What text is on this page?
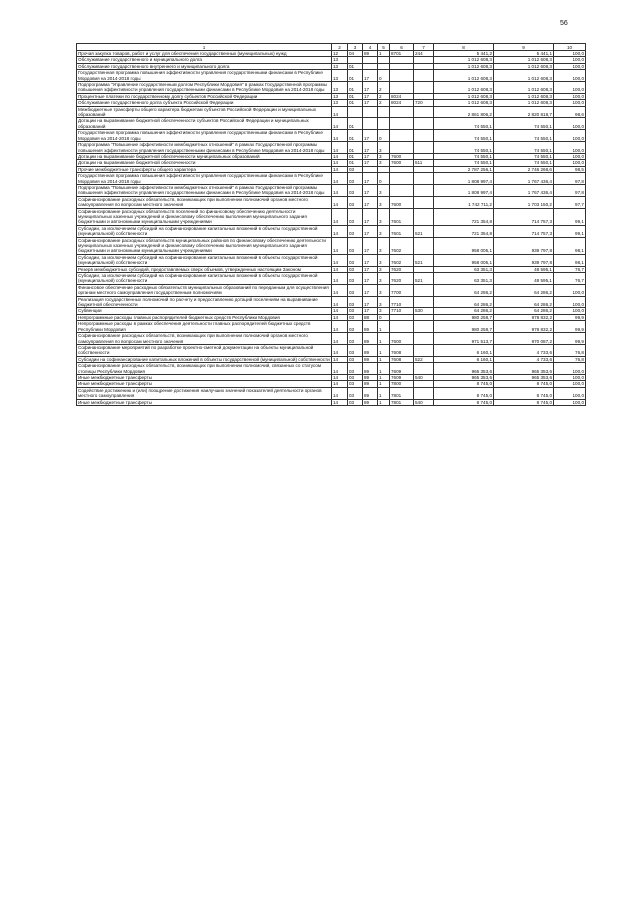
56
1	2	3	4	5	6	7	8	9	10
Прочая закупка товаров, работ и услуг для обеспечения государственных (муниципальных) нужд	12	04	89	1	8701	244	5 441,2	5 441,1	100,0
Обслуживание государственного и муниципального долга	13						1 012 608,3	1 012 608,3	100,0
Обслуживание государственного внутреннего и муниципального долга	13	01					1 012 608,3	1 012 608,3	100,0
Государственная программа повышения эффективности управления государственными финансами в Республике Мордовия на 2014-2018 годы	13	01	17	0			1 012 608,3	1 012 608,3	100,0
Подпрограмма "Управление государственным долгом Республики Мордовия" в рамках Государственной программы повышения эффективности управления государственными финансами в Республике Мордовия на 2014-2018 годы	13	01	17	2			1 012 608,3	1 012 608,3	100,0
Процентные платежи по государственному долгу субъектов Российской Федерации	13	01	17	2	8024		1 012 608,3	1 012 608,3	100,0
Обслуживание государственного долга субъекта Российской Федерации	13	01	17	2	8024	720	1 012 608,3	1 012 608,3	100,0
Межбюджетные трансферты общего характера бюджетам субъектов Российской Федерации и муниципальных образований	14						2 861 806,2	2 820 818,7	98,6
Дотации на выравнивание бюджетной обеспеченности субъектов Российской Федерации и муниципальных образований	14	01					74 550,1	74 550,1	100,0
Государственная программа повышения эффективности управления государственными финансами в Республике Мордовия на 2014-2018 годы	14	01	17	0			74 550,1	74 550,1	100,0
Подпрограмма "Повышение эффективности межбюджетных отношений" в рамках Государственной программы повышения эффективности управления государственными финансами в Республике Мордовия на 2014-2018 годы	14	01	17	3			74 550,1	74 550,1	100,0
Дотации на выравнивание бюджетной обеспеченности муниципальных образований	14	01	17	3	7600		74 550,1	74 550,1	100,0
Дотации на выравнивание бюджетной обеспеченности	14	01	17	3	7600	511	74 550,1	74 550,1	100,0
Прочие межбюджетные трансферты общего характера	14	03					2 787 256,1	2 746 268,6	98,5
Государственная программа повышения эффективности управления государственными финансами в Республике Мордовия на 2014-2018 годы	14	03	17	0			1 808 997,4	1 767 436,4	97,8
Подпрограмма "Повышение эффективности межбюджетных отношений" в рамках Государственной программы повышения эффективности управления государственными финансами в Республике Мордовия на 2014-2018 годы	14	03	17	3			1 808 997,4	1 767 436,4	97,8
Софинансирование расходных обязательств, возникающих при выполнении полномочий органов местного самоуправления по вопросам местного значения	14	03	17	3	7600		1 742 711,2	1 703 150,2	97,7
Софинансирование расходных обязательств поселений по финансовому обеспечению деятельности муниципальных казенных учреждений и финансовому обеспечению выполнения муниципального задания бюджетными и автономными муниципальными учреждениями	14	03	17	3	7601		721 354,8	714 757,3	99,1
Субсидии, за исключением субсидий на софинансирование капитальных вложений в объекты государственной (муниципальной) собственности	14	03	17	3	7601	521	721 354,8	714 757,3	99,1
Софинансирование расходных обязательств муниципальных районов по финансовому обеспечению деятельности муниципальных казенных учреждений и финансовому обеспечению выполнения муниципального задания бюджетными и автономными муниципальными учреждениями	14	03	17	3	7602		958 005,1	939 797,8	98,1
Субсидии, за исключением субсидий на софинансирование капитальных вложений в объекты государственной (муниципальной) собственности	14	03	17	3	7602	521	958 005,1	939 797,8	98,1
Резерв межбюджетных субсидий, предоставляемых сверх объемов, утвержденных настоящим Законом	14	03	17	3	7620		63 351,3	48 595,1	76,7
Субсидии, за исключением субсидий на софинансирование капитальных вложений в объекты государственной (муниципальной) собственности	14	03	17	3	7620	521	63 351,3	48 595,1	76,7
Финансовое обеспечение расходных обязательств муниципальных образований по переданным для осуществления органам местного самоуправления государственным полномочиям	14	03	17	3	7700		64 286,2	64 286,2	100,0
Реализация государственных полномочий по расчету и предоставлению дотаций поселениям на выравнивание бюджетной обеспеченности	14	03	17	3	7710		64 286,2	64 286,2	100,0
Субвенции	14	03	17	3	7710	530	64 286,2	64 286,2	100,0
Непрограммные расходы главных распорядителей бюджетных средств Республики Мордовия	14	03	88	0			980 258,7	978 832,2	99,9
Непрограммные расходы в рамках обеспечения деятельности главных распорядителей бюджетных средств Республики Мордовия	14	03	89	1			980 258,7	978 832,2	99,9
Софинансирование расходных обязательств, возникающих при выполнении полномочий органов местного самоуправления по вопросам местного значения	14	03	89	1	7600		971 513,7	970 087,2	99,9
Софинансирование мероприятий по разработке проектно-сметной документации на объекты муниципальной собственности	14	03	89	1	7608		6 160,1	4 733,6	76,8
Субсидии на софинансирование капитальных вложений в объекты государственной (муниципальной) собственности	14	03	89	1	7608	522	6 160,1	4 733,6	76,8
Софинансирование расходных обязательств, возникающих при выполнении полномочий, связанных со статусом столицы Республики Мордовия	14	03	89	1	7609		965 353,6	965 353,6	100,0
Иные межбюджетные трансферты	14	03	89	1	7609	540	965 353,6	965 353,6	100,0
Иные межбюджетные трансферты	14	03	89	1	7800		8 745,0	8 745,0	100,0
Содействие достижению и (или) поощрение достижения наилучших значений показателей деятельности органов местного самоуправления	14	03	89	1	7801		8 745,0	8 745,0	100,0
Иные межбюджетные трансферты	14	03	89	1	7801	540	8 745,0	8 745,0	100,0
